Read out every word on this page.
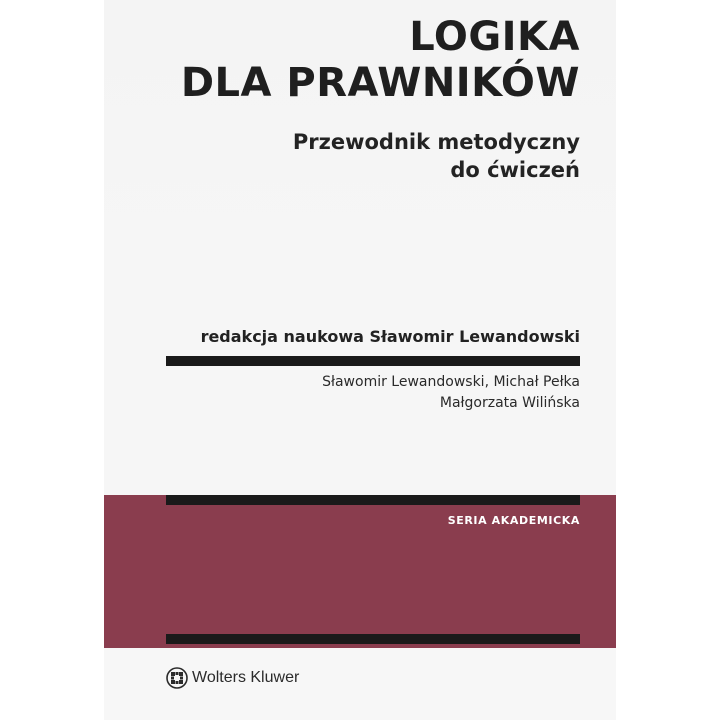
LOGIKA
DLA PRAWNIKÓW
Przewodnik metodyczny
do ćwiczeń
redakcja naukowa Sławomir Lewandowski
Sławomir Lewandowski, Michał Pełka
Małgorzata Wilińska
SERIA AKADEMICKA
Wolters Kluwer
